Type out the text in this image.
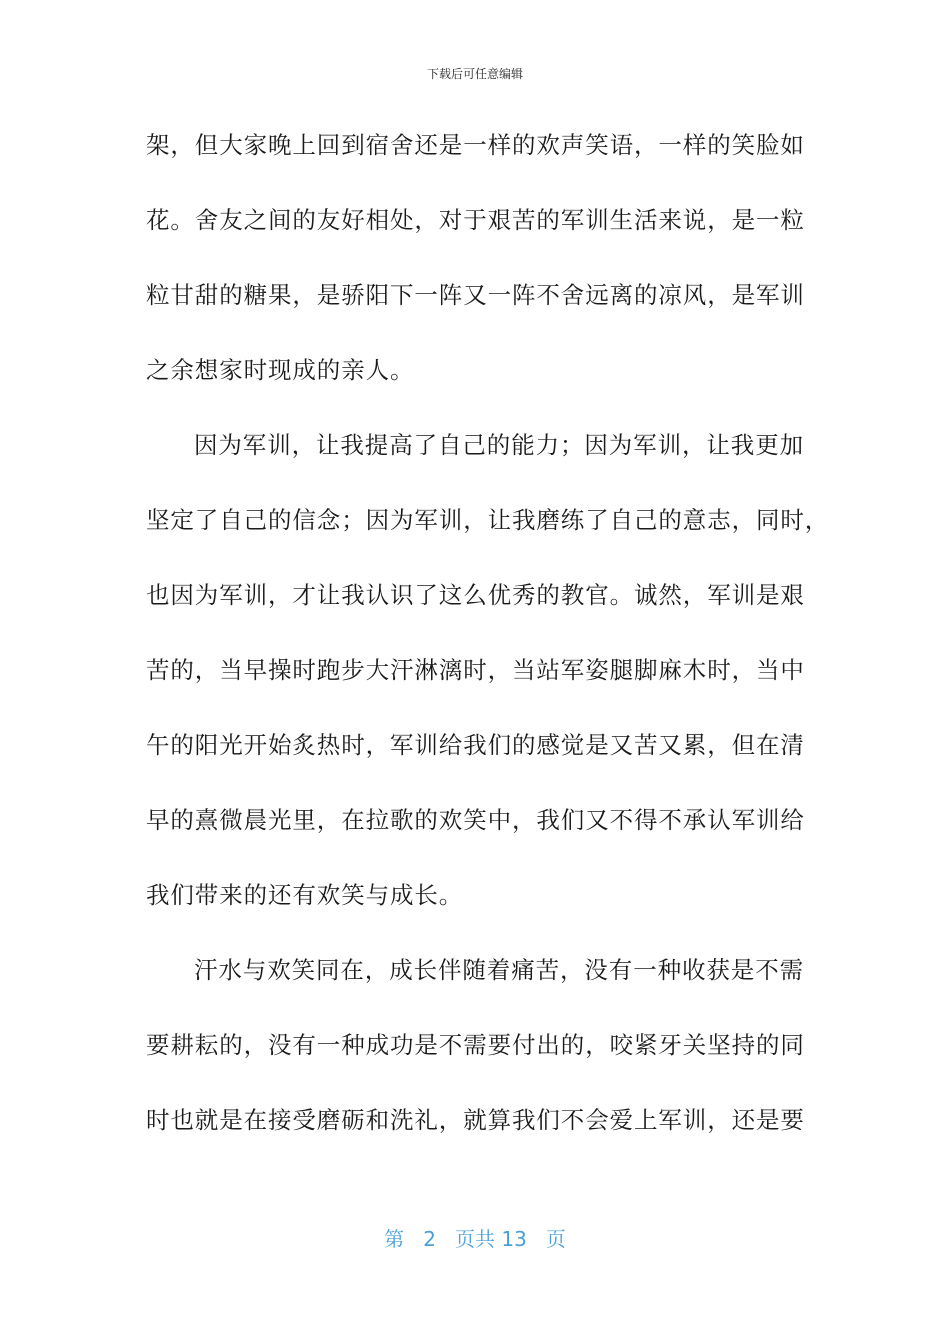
下载后可任意编辑
架，但大家晚上回到宿舍还是一样的欢声笑语，一样的笑脸如
花。舍友之间的友好相处，对于艰苦的军训生活来说，是一粒
粒甘甜的糖果，是骄阳下一阵又一阵不舍远离的凉风，是军训
之余想家时现成的亲人。
因为军训，让我提高了自己的能力；因为军训，让我更加
坚定了自己的信念；因为军训，让我磨练了自己的意志，同时，
也因为军训，才让我认识了这么优秀的教官。诚然，军训是艰
苦的，当早操时跑步大汗淋漓时，当站军姿腿脚麻木时，当中
午的阳光开始炙热时，军训给我们的感觉是又苦又累，但在清
早的熹微晨光里，在拉歌的欢笑中，我们又不得不承认军训给
我们带来的还有欢笑与成长。
汗水与欢笑同在，成长伴随着痛苦，没有一种收获是不需
要耕耘的，没有一种成功是不需要付出的，咬紧牙关坚持的同
时也就是在接受磨砺和洗礼，就算我们不会爱上军训，还是要
第 2 页共 13 页
